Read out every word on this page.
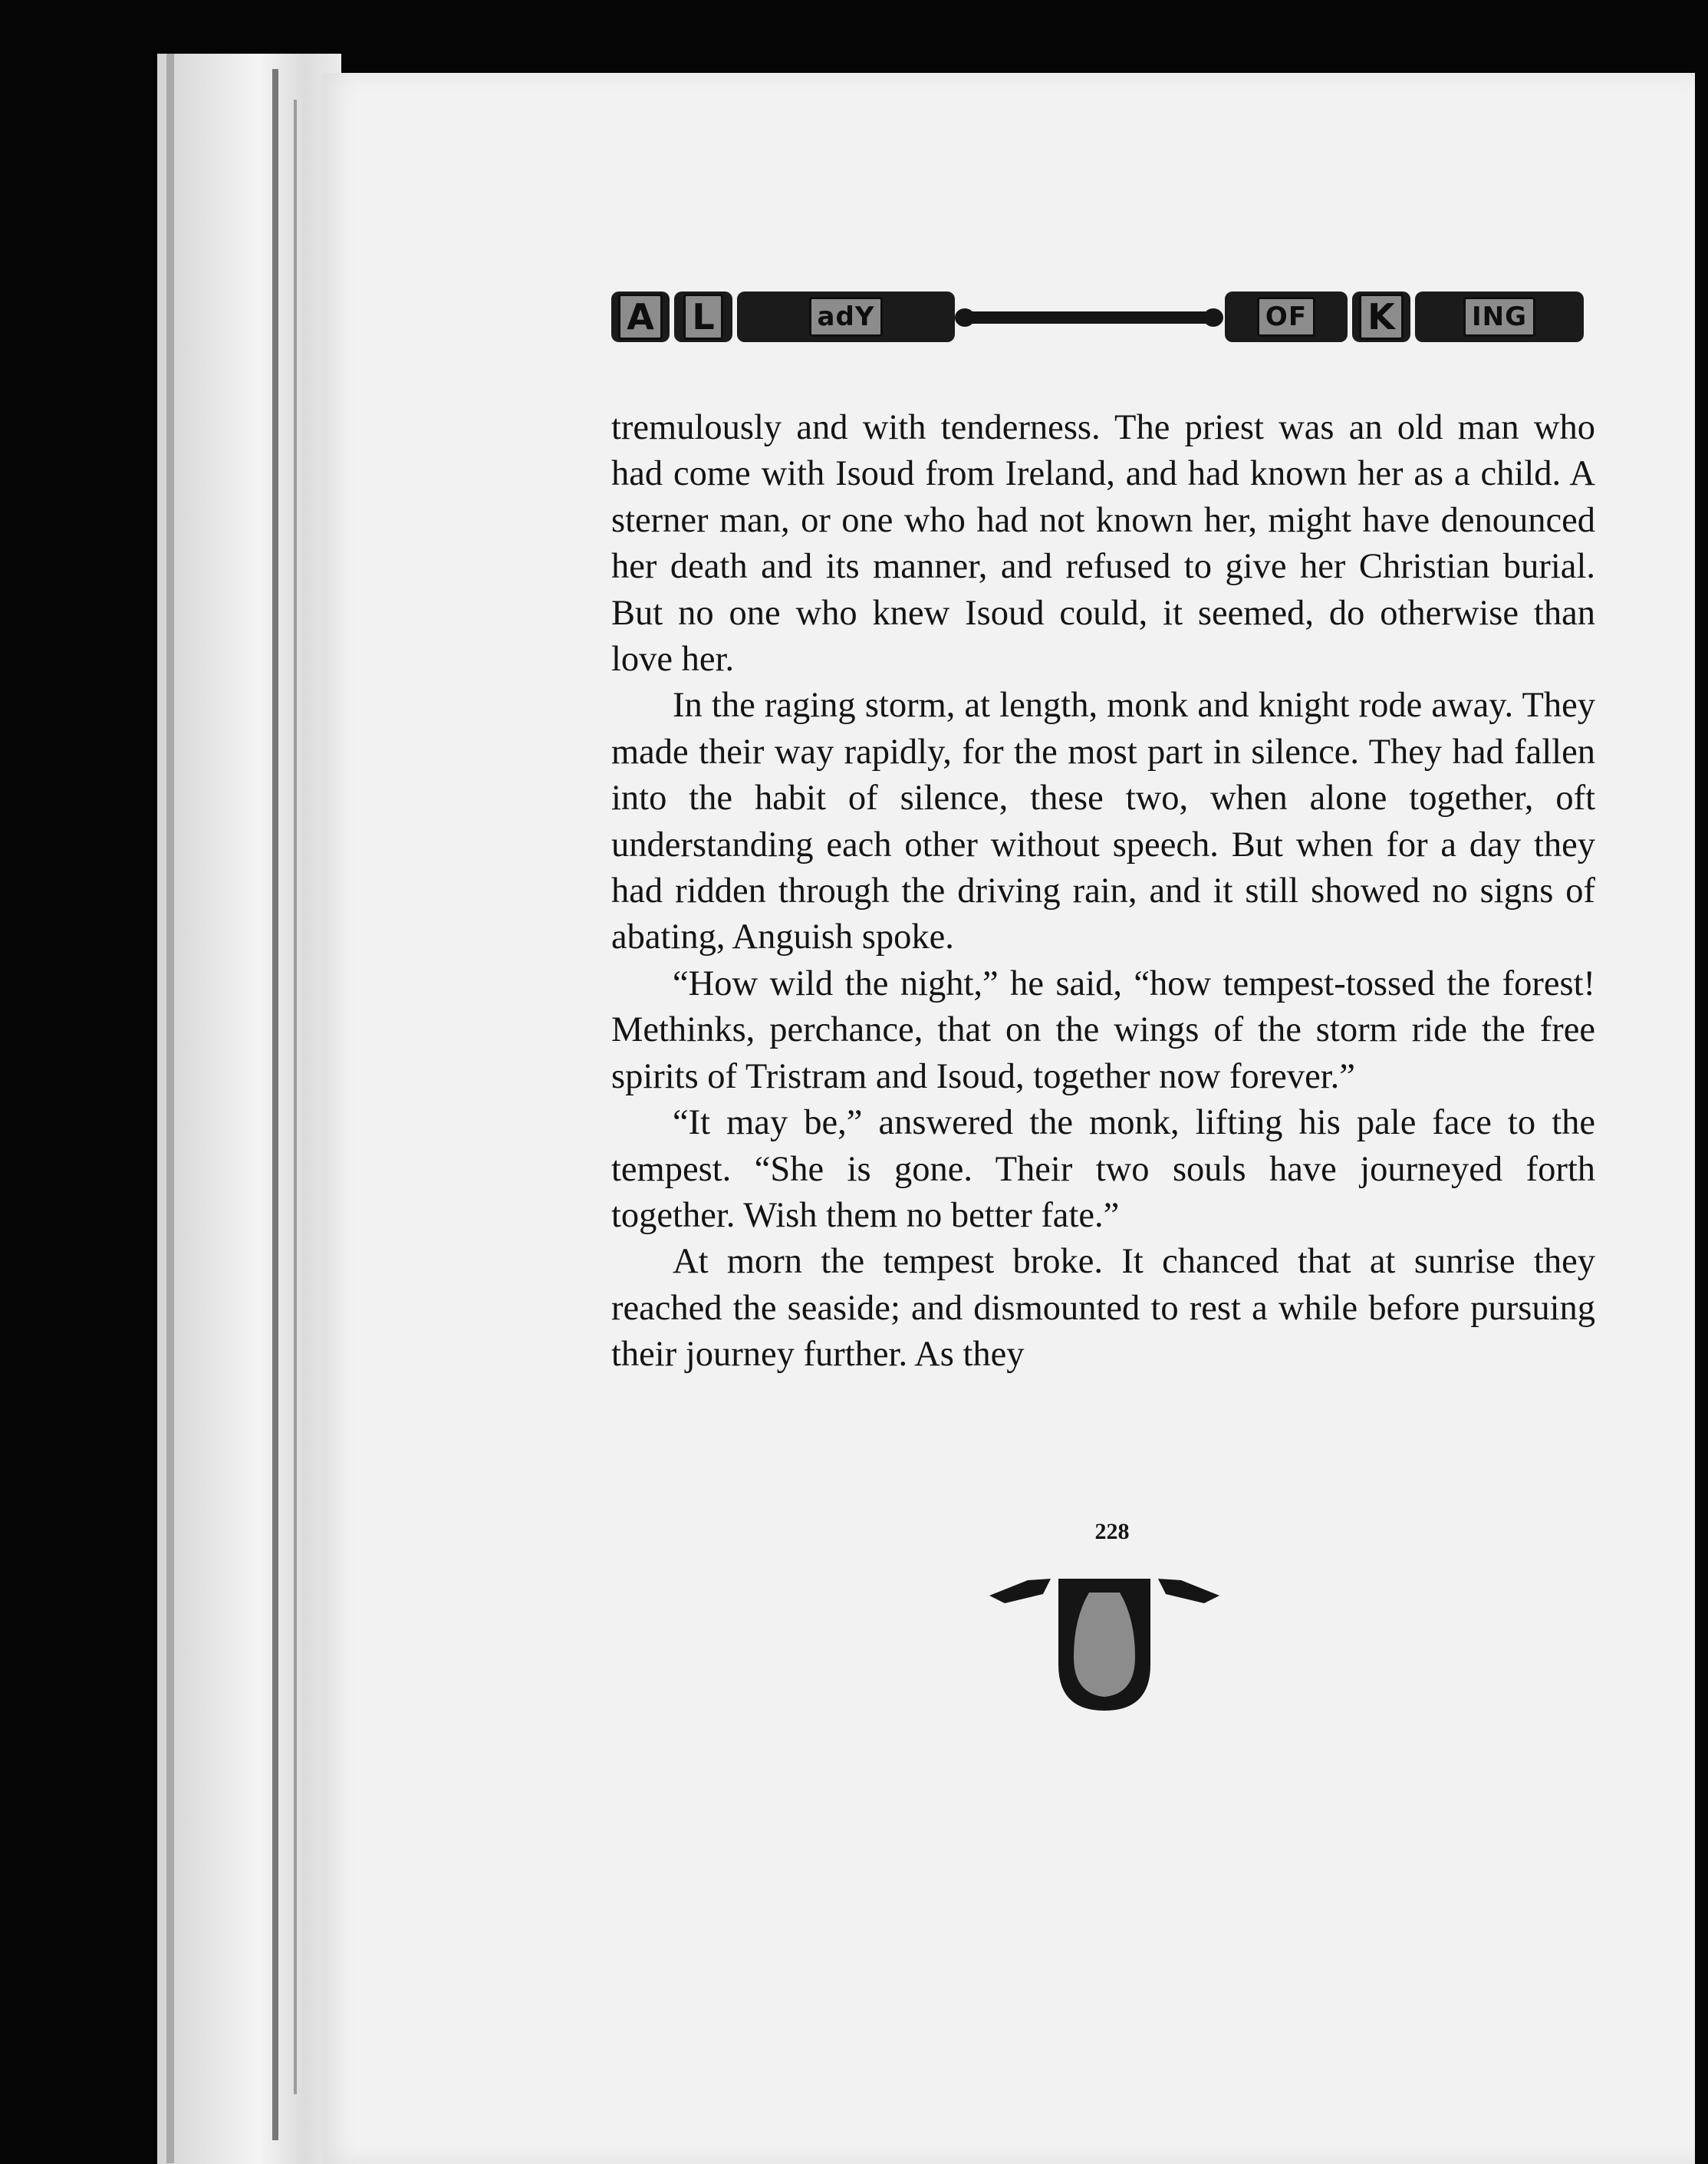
A L	adY	OF K	ING

tremulously and with tenderness. The priest was an old man who had come with Isoud from Ireland, and had known her as a child. A sterner man, or one who had not known her, might have denounced her death and its manner, and refused to give her Christian burial. But no one who knew Isoud could, it seemed, do otherwise than love her.

In the raging storm, at length, monk and knight rode away. They made their way rapidly, for the most part in silence. They had fallen into the habit of silence, these two, when alone together, oft understanding each other without speech. But when for a day they had ridden through the driving rain, and it still showed no signs of abating, Anguish spoke.

“How wild the night,” he said, “how tempest-tossed the forest! Methinks, perchance, that on the wings of the storm ride the free spirits of Tristram and Isoud, together now forever.”

“It may be,” answered the monk, lifting his pale face to the tempest. “She is gone. Their two souls have journeyed forth together. Wish them no better fate.”

At morn the tempest broke. It chanced that at sunrise they reached the seaside; and dismounted to rest a while before pursuing their journey further. As they

228
